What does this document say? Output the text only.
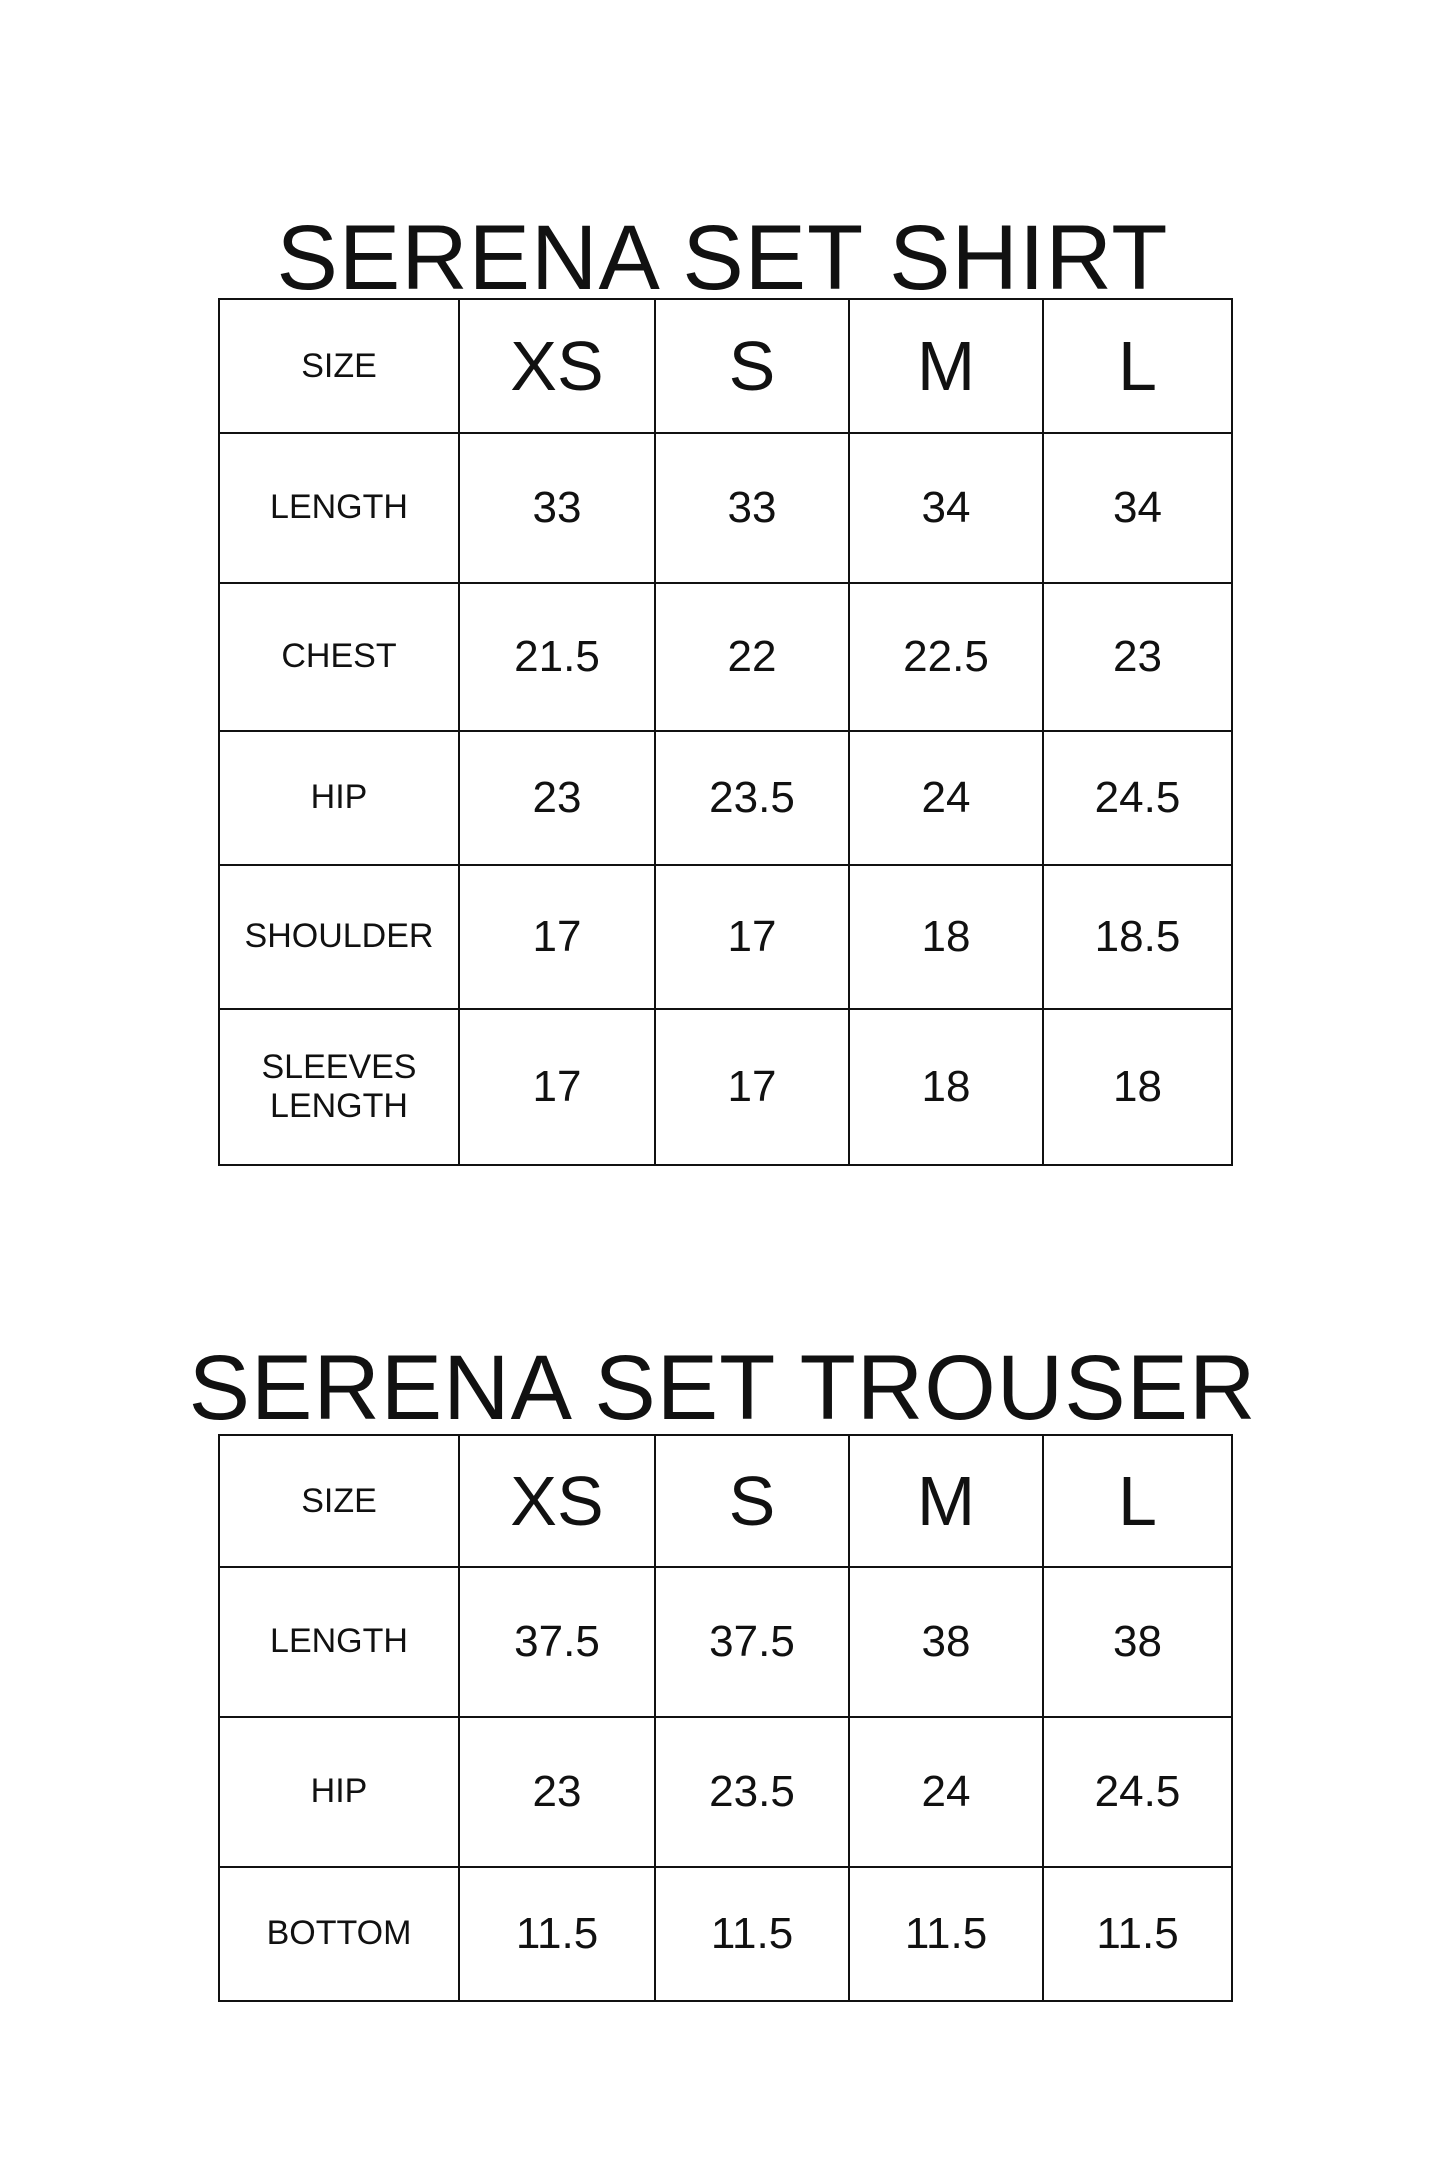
SERENA SET SHIRT
SIZE	XS	S	M	L
LENGTH	33	33	34	34
CHEST	21.5	22	22.5	23
HIP	23	23.5	24	24.5
SHOULDER	17	17	18	18.5

SLEEVES
LENGTH	17	17	18	18
SERENA SET TROUSER
SIZE	XS	S	M	L
LENGTH	37.5	37.5	38	38
HIP	23	23.5	24	24.5
BOTTOM	11.5	11.5	11.5	11.5
